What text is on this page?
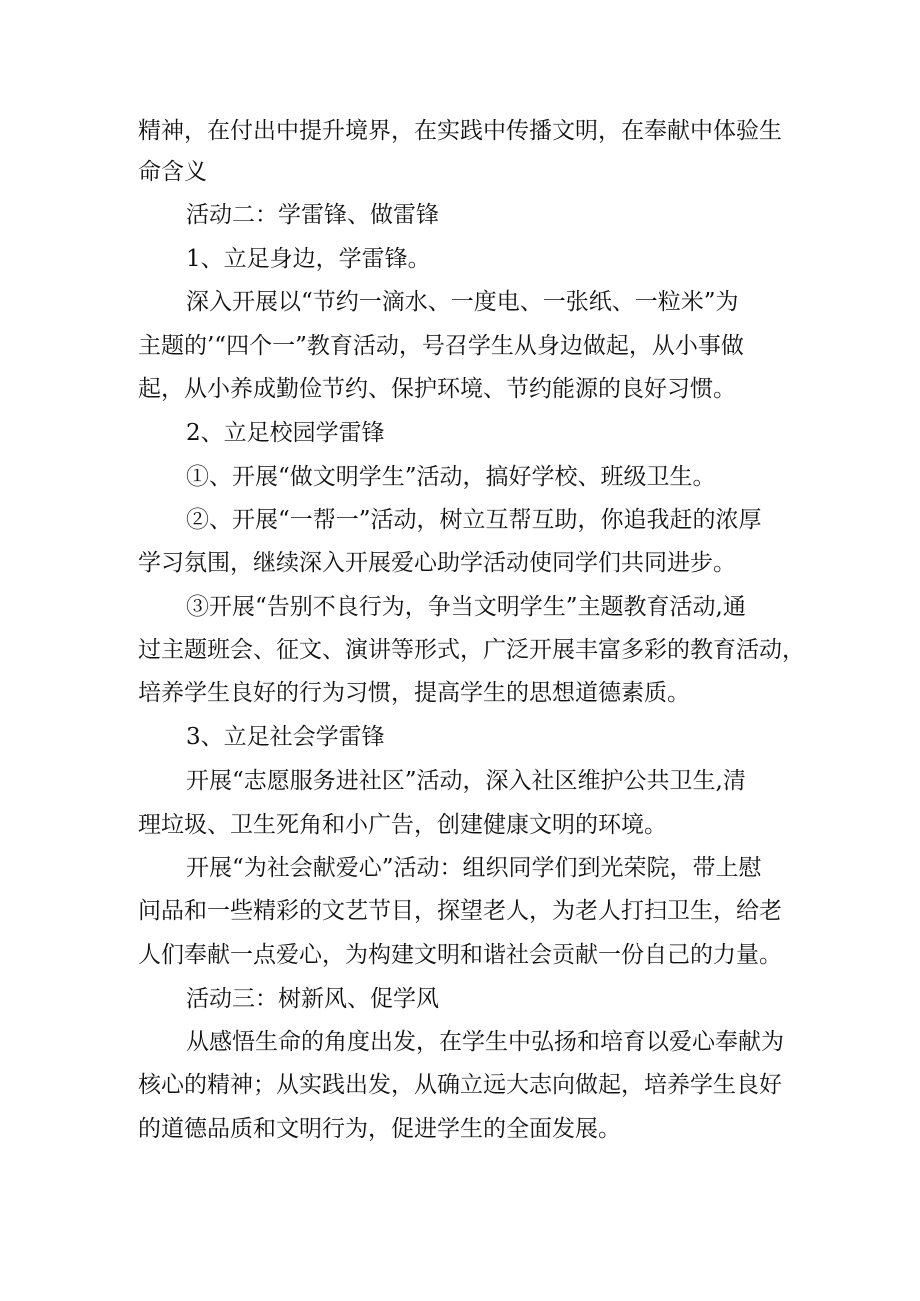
精神，在付出中提升境界，在实践中传播文明，在奉献中体验生
命含义
活动二：学雷锋、做雷锋
1、立足身边，学雷锋。
深入开展以“节约一滴水、一度电、一张纸、一粒米”为
主题的’“四个一”教育活动，号召学生从身边做起，从小事做
起，从小养成勤俭节约、保护环境、节约能源的良好习惯。
2、立足校园学雷锋
①、开展“做文明学生”活动，搞好学校、班级卫生。
②、开展“一帮一”活动，树立互帮互助，你追我赶的浓厚
学习氛围，继续深入开展爱心助学活动使同学们共同进步。
③开展“告别不良行为，争当文明学生”主题教育活动,通
过主题班会、征文、演讲等形式，广泛开展丰富多彩的教育活动，
培养学生良好的行为习惯，提高学生的思想道德素质。
3、立足社会学雷锋
开展“志愿服务进社区”活动，深入社区维护公共卫生,清
理垃圾、卫生死角和小广告，创建健康文明的环境。
开展“为社会献爱心”活动：组织同学们到光荣院，带上慰
问品和一些精彩的文艺节目，探望老人，为老人打扫卫生，给老
人们奉献一点爱心，为构建文明和谐社会贡献一份自己的力量。
活动三：树新风、促学风
从感悟生命的角度出发，在学生中弘扬和培育以爱心奉献为
核心的精神；从实践出发，从确立远大志向做起，培养学生良好
的道德品质和文明行为，促进学生的全面发展。
